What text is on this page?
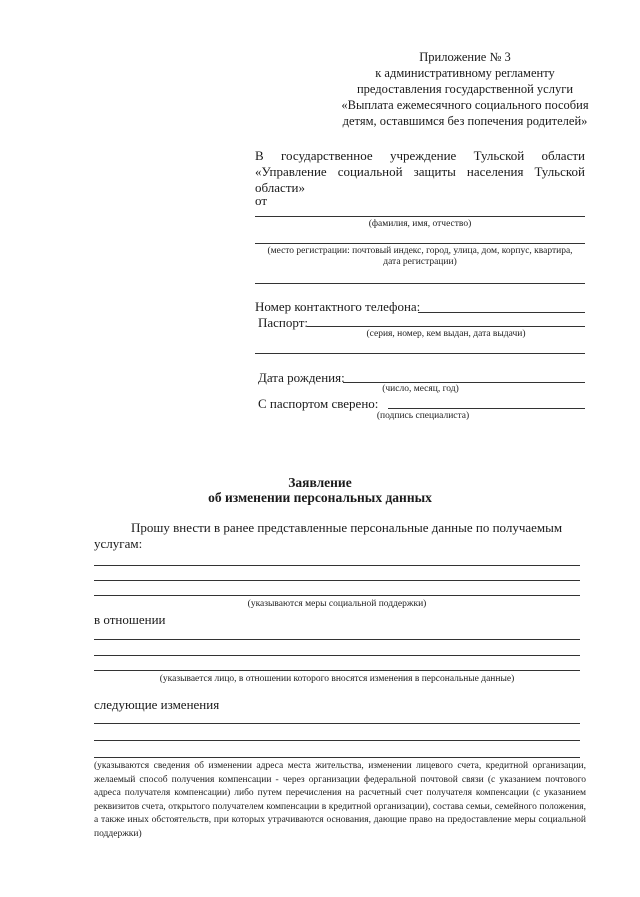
Приложение № 3
к административному регламенту
предоставления государственной услуги
«Выплата ежемесячного социального пособия
детям, оставшимся без попечения родителей»
В государственное учреждение Тульской области «Управление социальной защиты населения Тульской области»
от
(фамилия, имя, отчество)
(место регистрации: почтовый индекс, город, улица, дом, корпус, квартира, дата регистрации)
Номер контактного телефона:
Паспорт:
(серия, номер, кем выдан, дата выдачи)
Дата рождения:
(число, месяц, год)
С паспортом сверено:
(подпись специалиста)
Заявление
об изменении персональных данных
Прошу внести в ранее представленные персональные данные по получаемым
услугам:
(указываются меры социальной поддержки)
в отношении
(указывается лицо, в отношении которого вносятся изменения в персональные данные)
следующие изменения
(указываются сведения об изменении адреса места жительства, изменении лицевого счета, кредитной организации, желаемый способ получения компенсации - через организации федеральной почтовой связи (с указанием почтового адреса получателя компенсации) либо путем перечисления на расчетный счет получателя компенсации (с указанием реквизитов счета, открытого получателем компенсации в кредитной организации), состава семьи, семейного положения, а также иных обстоятельств, при которых утрачиваются основания, дающие право на предоставление меры социальной поддержки)
